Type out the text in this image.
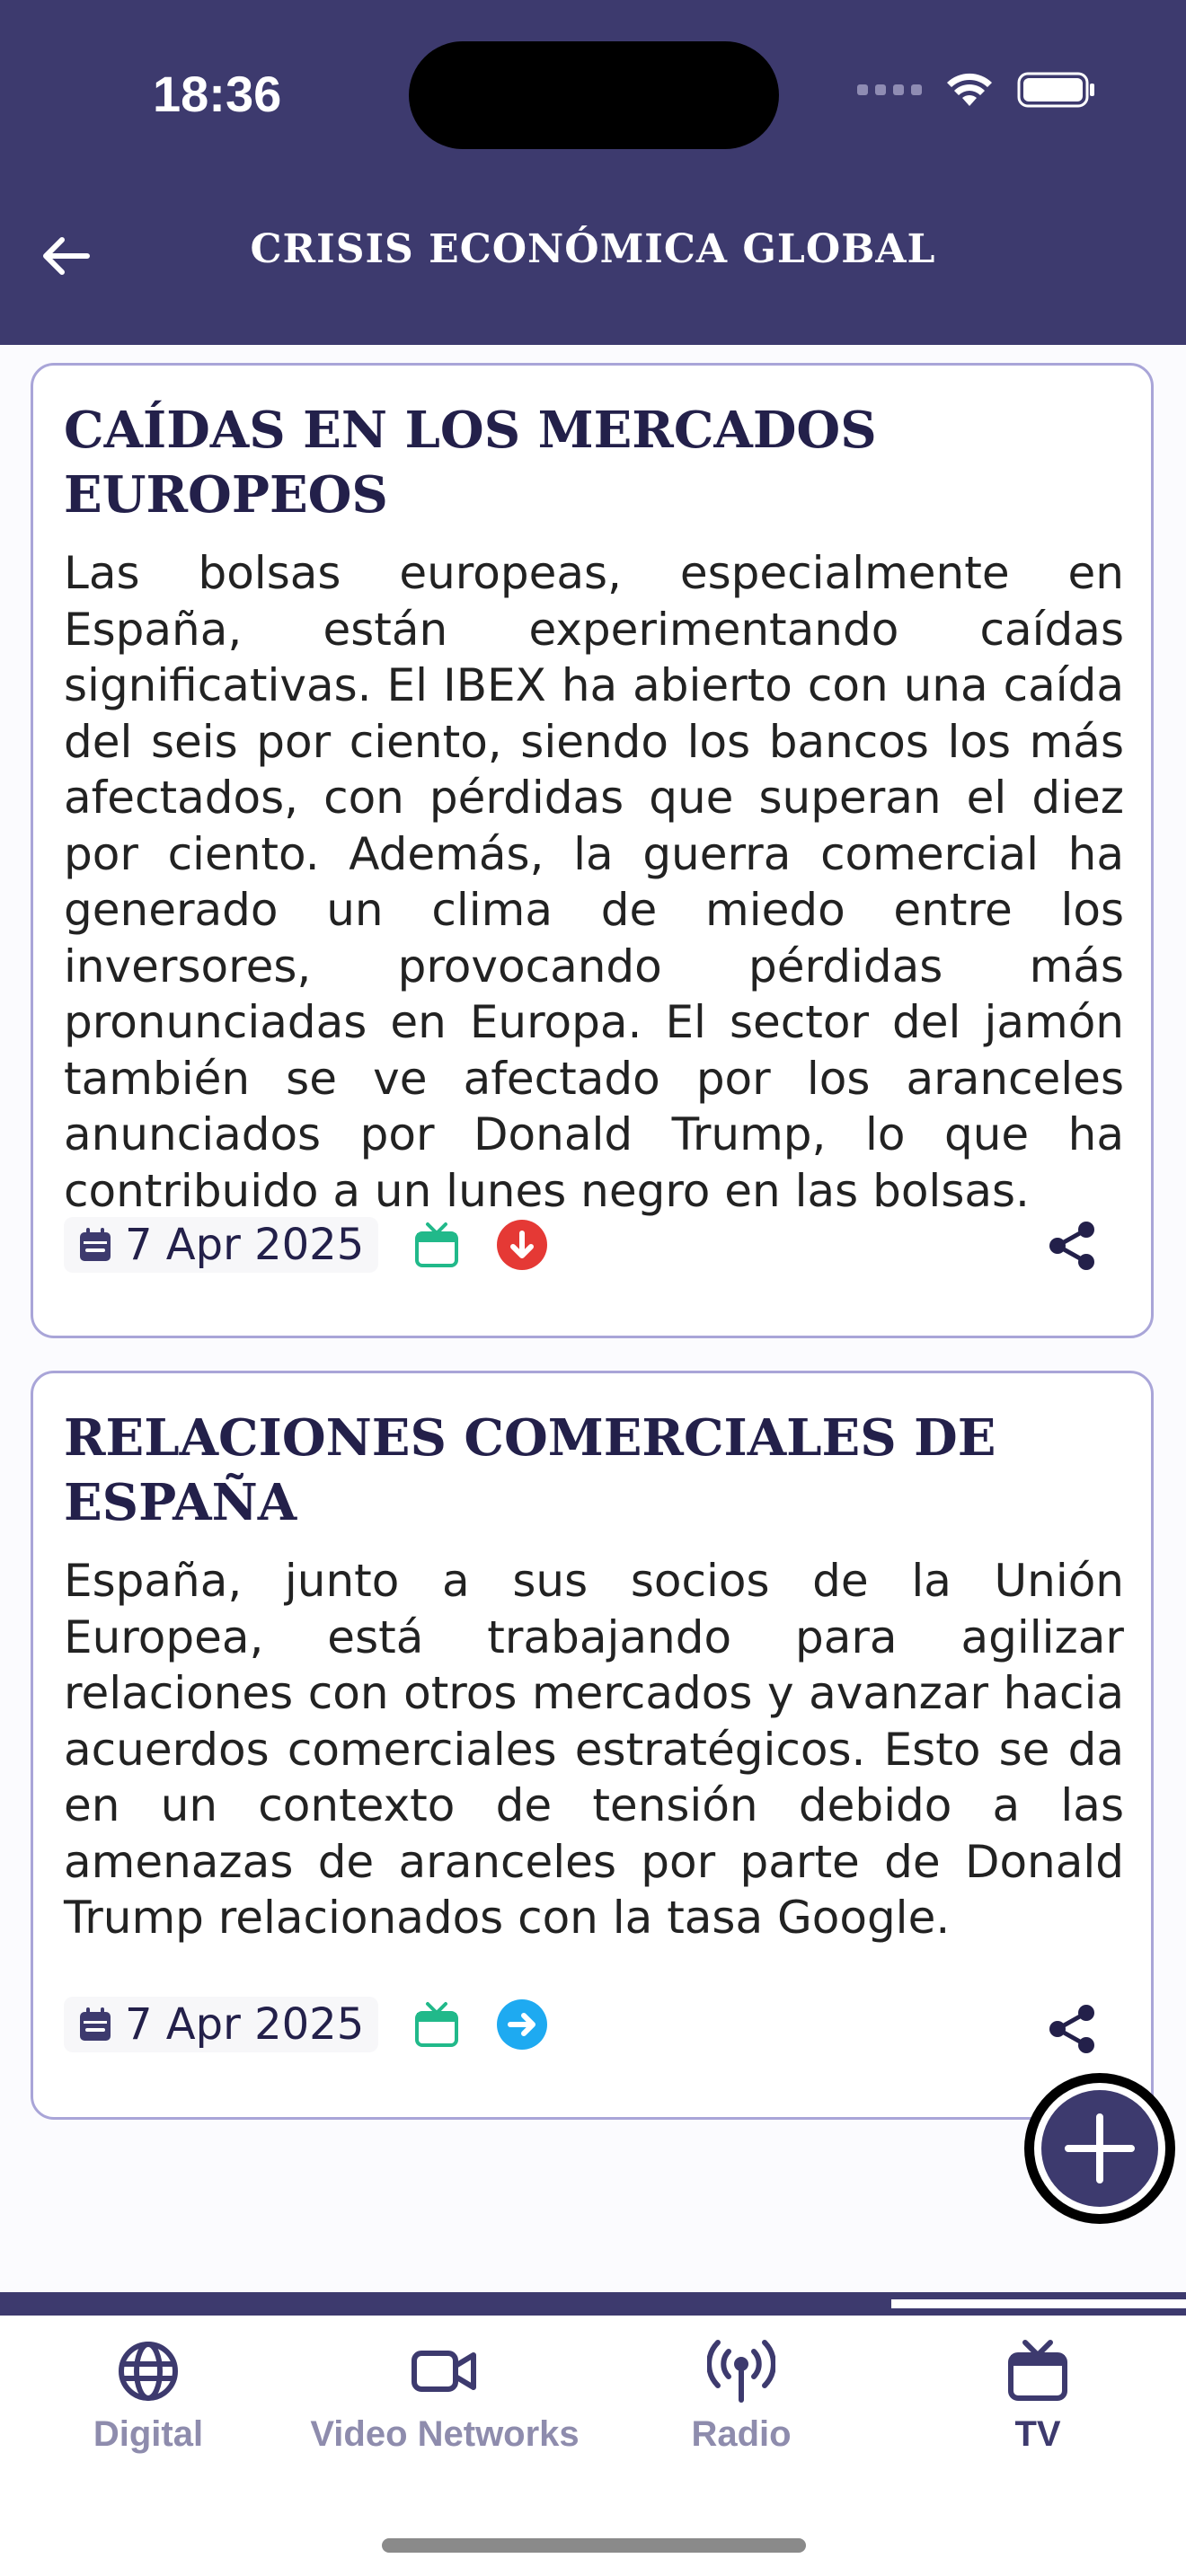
18:36
CRISIS ECONÓMICA GLOBAL
CAÍDAS EN LOS MERCADOS EUROPEOS
Las bolsas europeas, especialmente en España, están experimentando caídas significativas. El IBEX ha abierto con una caída del seis por ciento, siendo los bancos los más afectados, con pérdidas que superan el diez por ciento. Además, la guerra comercial ha generado un clima de miedo entre los inversores, provocando pérdidas más pronunciadas en Europa. El sector del jamón también se ve afectado por los aranceles anunciados por Donald Trump, lo que ha contribuido a un lunes negro en las bolsas.
7 Apr 2025
RELACIONES COMERCIALES DE ESPAÑA
España, junto a sus socios de la Unión Europea, está trabajando para agilizar relaciones con otros mercados y avanzar hacia acuerdos comerciales estratégicos. Esto se da en un contexto de tensión debido a las amenazas de aranceles por parte de Donald Trump relacionados con la tasa Google.
7 Apr 2025
Digital	Video Networks	Radio	TV
